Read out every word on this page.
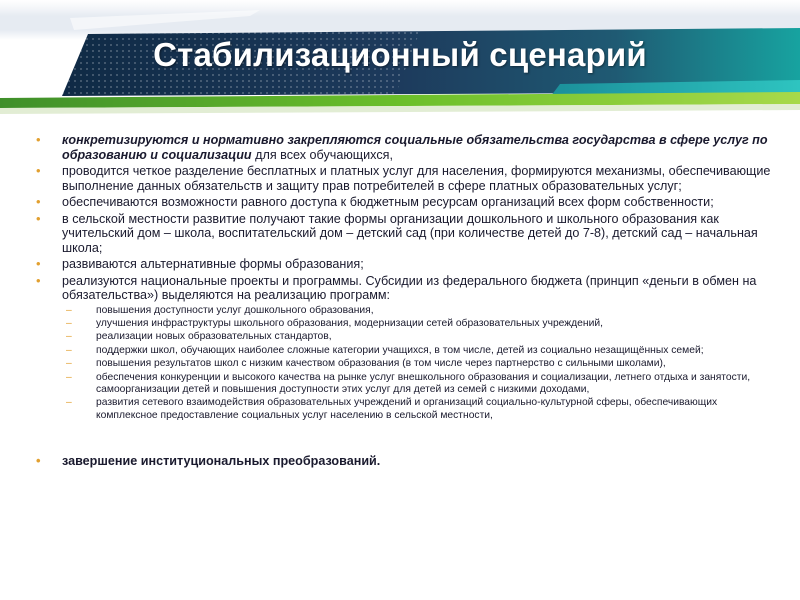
Стабилизационный сценарий
• конкретизируются и нормативно закрепляются социальные обязательства государства в сфере услуг по образованию и социализации для всех обучающихся,
• проводится четкое разделение бесплатных и платных услуг для населения, формируются механизмы, обеспечивающие выполнение данных обязательств и защиту прав потребителей в сфере платных образовательных услуг;
• обеспечиваются возможности равного доступа к бюджетным ресурсам организаций всех форм собственности;
• в сельской местности развитие получают такие формы организации дошкольного и школьного образования как учительский дом – школа, воспитательский дом – детский сад (при количестве детей до 7-8), детский сад – начальная школа;
• развиваются альтернативные формы образования;
• реализуются национальные проекты и программы. Субсидии из федерального бюджета (принцип «деньги в обмен на обязательства») выделяются на реализацию программ:
– повышения доступности услуг дошкольного образования,
– улучшения инфраструктуры школьного образования, модернизации сетей образовательных учреждений,
– реализации новых образовательных стандартов,
– поддержки школ, обучающих наиболее сложные категории учащихся, в том числе, детей из социально незащищённых семей;
– повышения результатов школ с низким качеством образования (в том числе через партнерство с сильными школами),
– обеспечения конкуренции и высокого качества на рынке услуг внешкольного образования и социализации, летнего отдыха и занятости, самоорганизации детей и повышения доступности этих услуг для детей из семей с низкими доходами,
– развития сетевого взаимодействия образовательных учреждений и организаций социально-культурной сферы, обеспечивающих комплексное предоставление социальных услуг населению в сельской местности,
• завершение институциональных преобразований.
